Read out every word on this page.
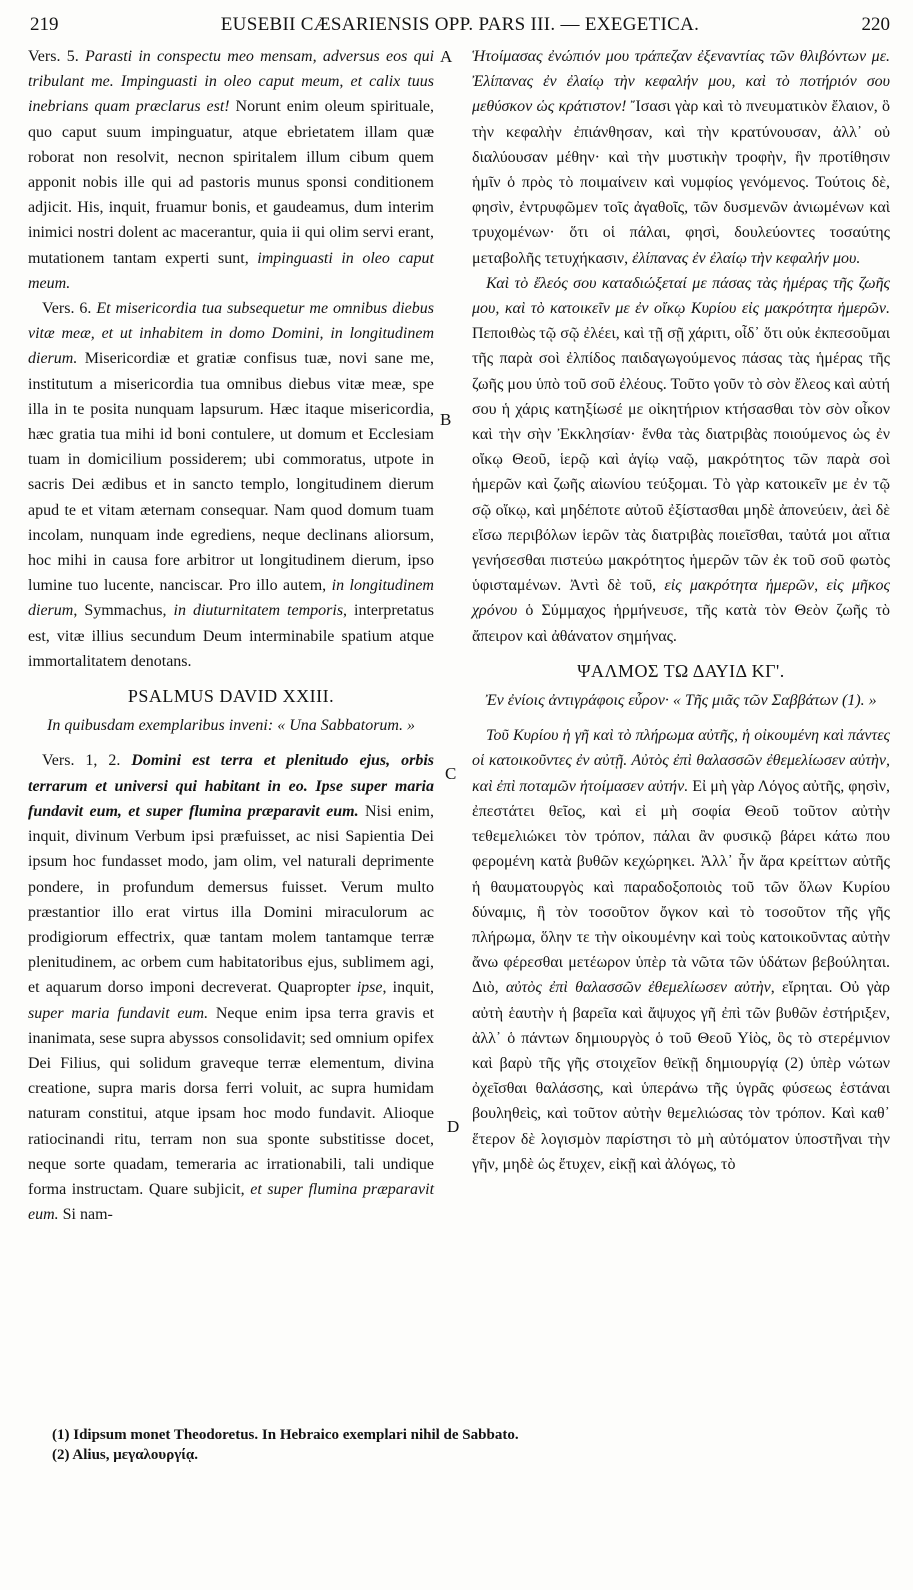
219	EUSEBII CÆSARIENSIS OPP. PARS III. — EXEGETICA.	220
A
B
C
D

Vers. 5. Parasti in conspectu meo mensam, adversus eos qui tribulant me. Impinguasti in oleo caput meum, et calix tuus inebrians quam præclarus est! Norunt enim oleum spirituale, quo caput suum impinguatur, atque ebrietatem illam quæ roborat non resolvit, necnon spiritalem illum cibum quem apponit nobis ille qui ad pastoris munus sponsi conditionem adjicit. His, inquit, fruamur bonis, et gaudeamus, dum interim inimici nostri dolent ac macerantur, quia ii qui olim servi erant, mutationem tantam experti sunt, impinguasti in oleo caput meum.

Vers. 6. Et misericordia tua subsequetur me omnibus diebus vitæ meæ, et ut inhabitem in domo Domini, in longitudinem dierum. Misericordiæ et gratiæ confisus tuæ, novi sane me, institutum a misericordia tua omnibus diebus vitæ meæ, spe illa in te posita nunquam lapsurum. Hæc itaque misericordia, hæc gratia tua mihi id boni contulere, ut domum et Ecclesiam tuam in domicilium possiderem; ubi commoratus, utpote in sacris Dei ædibus et in sancto templo, longitudinem dierum apud te et vitam æternam consequar. Nam quod domum tuam incolam, nunquam inde egrediens, neque declinans aliorsum, hoc mihi in causa fore arbitror ut longitudinem dierum, ipso lumine tuo lucente, nanciscar. Pro illo autem, in longitudinem dierum, Symmachus, in diuturnitatem temporis, interpretatus est, vitæ illius secundum Deum interminabile spatium atque immortalitatem denotans.

PSALMUS DAVID XXIII.
In quibusdam exemplaribus inveni: « Una Sabbatorum. »

Vers. 1, 2. Domini est terra et plenitudo ejus, orbis terrarum et universi qui habitant in eo. Ipse super maria fundavit eum, et super flumina præparavit eum. Nisi enim, inquit, divinum Verbum ipsi præfuisset, ac nisi Sapientia Dei ipsum hoc fundasset modo, jam olim, vel naturali deprimente pondere, in profundum demersus fuisset. Verum multo præstantior illo erat virtus illa Domini miraculorum ac prodigiorum effectrix, quæ tantam molem tantamque terræ plenitudinem, ac orbem cum habitatoribus ejus, sublimem agi, et aquarum dorso imponi decreverat. Quapropter ipse, inquit, super maria fundavit eum. Neque enim ipsa terra gravis et inanimata, sese supra abyssos consolidavit; sed omnium opifex Dei Filius, qui solidum graveque terræ elementum, divina creatione, supra maris dorsa ferri voluit, ac supra humidam naturam constitui, atque ipsam hoc modo fundavit. Alioque ratiocinandi ritu, terram non sua sponte substitisse docet, neque sorte quadam, temeraria ac irrationabili, tali undique forma instructam. Quare subjicit, et super flumina præparavit eum. Si nam-

Ἡτοίμασας ἐνώπιόν μου τράπεζαν ἐξεναντίας τῶν θλιβόντων με. Ἐλίπανας ἐν ἐλαίῳ τὴν κεφαλήν μου, καὶ τὸ ποτήριόν σου μεθύσκον ὡς κράτιστον! Ἴσασι γὰρ καὶ τὸ πνευματικὸν ἔλαιον, ὃ τὴν κεφαλὴν ἐπιάνθησαν, καὶ τὴν κρατύνουσαν, ἀλλ᾽ οὐ διαλύουσαν μέθην· καὶ τὴν μυστικὴν τροφὴν, ἣν προτίθησιν ἡμῖν ὁ πρὸς τὸ ποιμαίνειν καὶ νυμφίος γενόμενος. Τούτοις δὲ, φησὶν, ἐντρυφῶμεν τοῖς ἀγαθοῖς, τῶν δυσμενῶν ἀνιωμένων καὶ τρυχομένων· ὅτι οἱ πάλαι, φησὶ, δουλεύοντες τοσαύτης μεταβολῆς τετυχήκασιν, ἐλίπανας ἐν ἐλαίῳ τὴν κεφαλήν μου.

Καὶ τὸ ἔλεός σου καταδιώξεταί με πάσας τὰς ἡμέρας τῆς ζωῆς μου, καὶ τὸ κατοικεῖν με ἐν οἴκῳ Κυρίου εἰς μακρότητα ἡμερῶν. Πεποιθὼς τῷ σῷ ἐλέει, καὶ τῇ σῇ χάριτι, οἶδ᾽ ὅτι οὐκ ἐκπεσοῦμαι τῆς παρὰ σοὶ ἐλπίδος παιδαγωγούμενος πάσας τὰς ἡμέρας τῆς ζωῆς μου ὑπὸ τοῦ σοῦ ἐλέους. Τοῦτο γοῦν τὸ σὸν ἔλεος καὶ αὐτή σου ἡ χάρις κατηξίωσέ με οἰκητήριον κτήσασθαι τὸν σὸν οἶκον καὶ τὴν σὴν Ἐκκλησίαν· ἔνθα τὰς διατριβὰς ποιούμενος ὡς ἐν οἴκῳ Θεοῦ, ἱερῷ καὶ ἁγίῳ ναῷ, μακρότητος τῶν παρὰ σοὶ ἡμερῶν καὶ ζωῆς αἰωνίου τεύξομαι. Τὸ γὰρ κατοικεῖν με ἐν τῷ σῷ οἴκῳ, καὶ μηδέποτε αὐτοῦ ἐξίστασθαι μηδὲ ἀπονεύειν, ἀεὶ δὲ εἴσω περιβόλων ἱερῶν τὰς διατριβὰς ποιεῖσθαι, ταὐτά μοι αἴτια γενήσεσθαι πιστεύω μακρότητος ἡμερῶν τῶν ἐκ τοῦ σοῦ φωτὸς ὑφισταμένων. Ἀντὶ δὲ τοῦ, εἰς μακρότητα ἡμερῶν, εἰς μῆκος χρόνου ὁ Σύμμαχος ἡρμήνευσε, τῆς κατὰ τὸν Θεὸν ζωῆς τὸ ἄπειρον καὶ ἀθάνατον σημήνας.

ΨΑΛΜΟΣ ΤΩ ΔΑΥΙΔ ΚΓ'.
Ἐν ἐνίοις ἀντιγράφοις εὗρον· « Τῆς μιᾶς τῶν Σαββάτων (1). »

Τοῦ Κυρίου ἡ γῆ καὶ τὸ πλήρωμα αὐτῆς, ἡ οἰκουμένη καὶ πάντες οἱ κατοικοῦντες ἐν αὐτῇ. Αὐτὸς ἐπὶ θαλασσῶν ἐθεμελίωσεν αὐτὴν, καὶ ἐπὶ ποταμῶν ἡτοίμασεν αὐτήν. Εἰ μὴ γὰρ Λόγος αὐτῆς, φησὶν, ἐπεστάτει θεῖος, καὶ εἰ μὴ σοφία Θεοῦ τοῦτον αὐτὴν τεθεμελιώκει τὸν τρόπον, πάλαι ἂν φυσικῷ βάρει κάτω που φερομένη κατὰ βυθῶν κεχώρηκει. Ἀλλ᾽ ἦν ἄρα κρείττων αὐτῆς ἡ θαυματουργὸς καὶ παραδοξοποιὸς τοῦ τῶν ὅλων Κυρίου δύναμις, ἣ τὸν τοσοῦτον ὄγκον καὶ τὸ τοσοῦτον τῆς γῆς πλήρωμα, ὅλην τε τὴν οἰκουμένην καὶ τοὺς κατοικοῦντας αὐτὴν ἄνω φέρεσθαι μετέωρον ὑπὲρ τὰ νῶτα τῶν ὑδάτων βεβούληται. Διὸ, αὐτὸς ἐπὶ θαλασσῶν ἐθεμελίωσεν αὐτὴν, εἴρηται. Οὐ γὰρ αὐτὴ ἑαυτὴν ἡ βαρεῖα καὶ ἄψυχος γῆ ἐπὶ τῶν βυθῶν ἐστήριξεν, ἀλλ᾽ ὁ πάντων δημιουργὸς ὁ τοῦ Θεοῦ Υἱὸς, ὃς τὸ στερέμνιον καὶ βαρὺ τῆς γῆς στοιχεῖον θεϊκῇ δημιουργίᾳ (2) ὑπὲρ νώτων ὀχεῖσθαι θαλάσσης, καὶ ὑπεράνω τῆς ὑγρᾶς φύσεως ἑστάναι βουληθεὶς, καὶ τοῦτον αὐτὴν θεμελιώσας τὸν τρόπον. Καὶ καθ᾽ ἕτερον δὲ λογισμὸν παρίστησι τὸ μὴ αὐτόματον ὑποστῆναι τὴν γῆν, μηδὲ ὡς ἔτυχεν, εἰκῇ καὶ ἀλόγως, τὸ

(1) Idipsum monet Theodoretus. In Hebraico exemplari nihil de Sabbato.
(2) Alius, μεγαλουργίᾳ.
